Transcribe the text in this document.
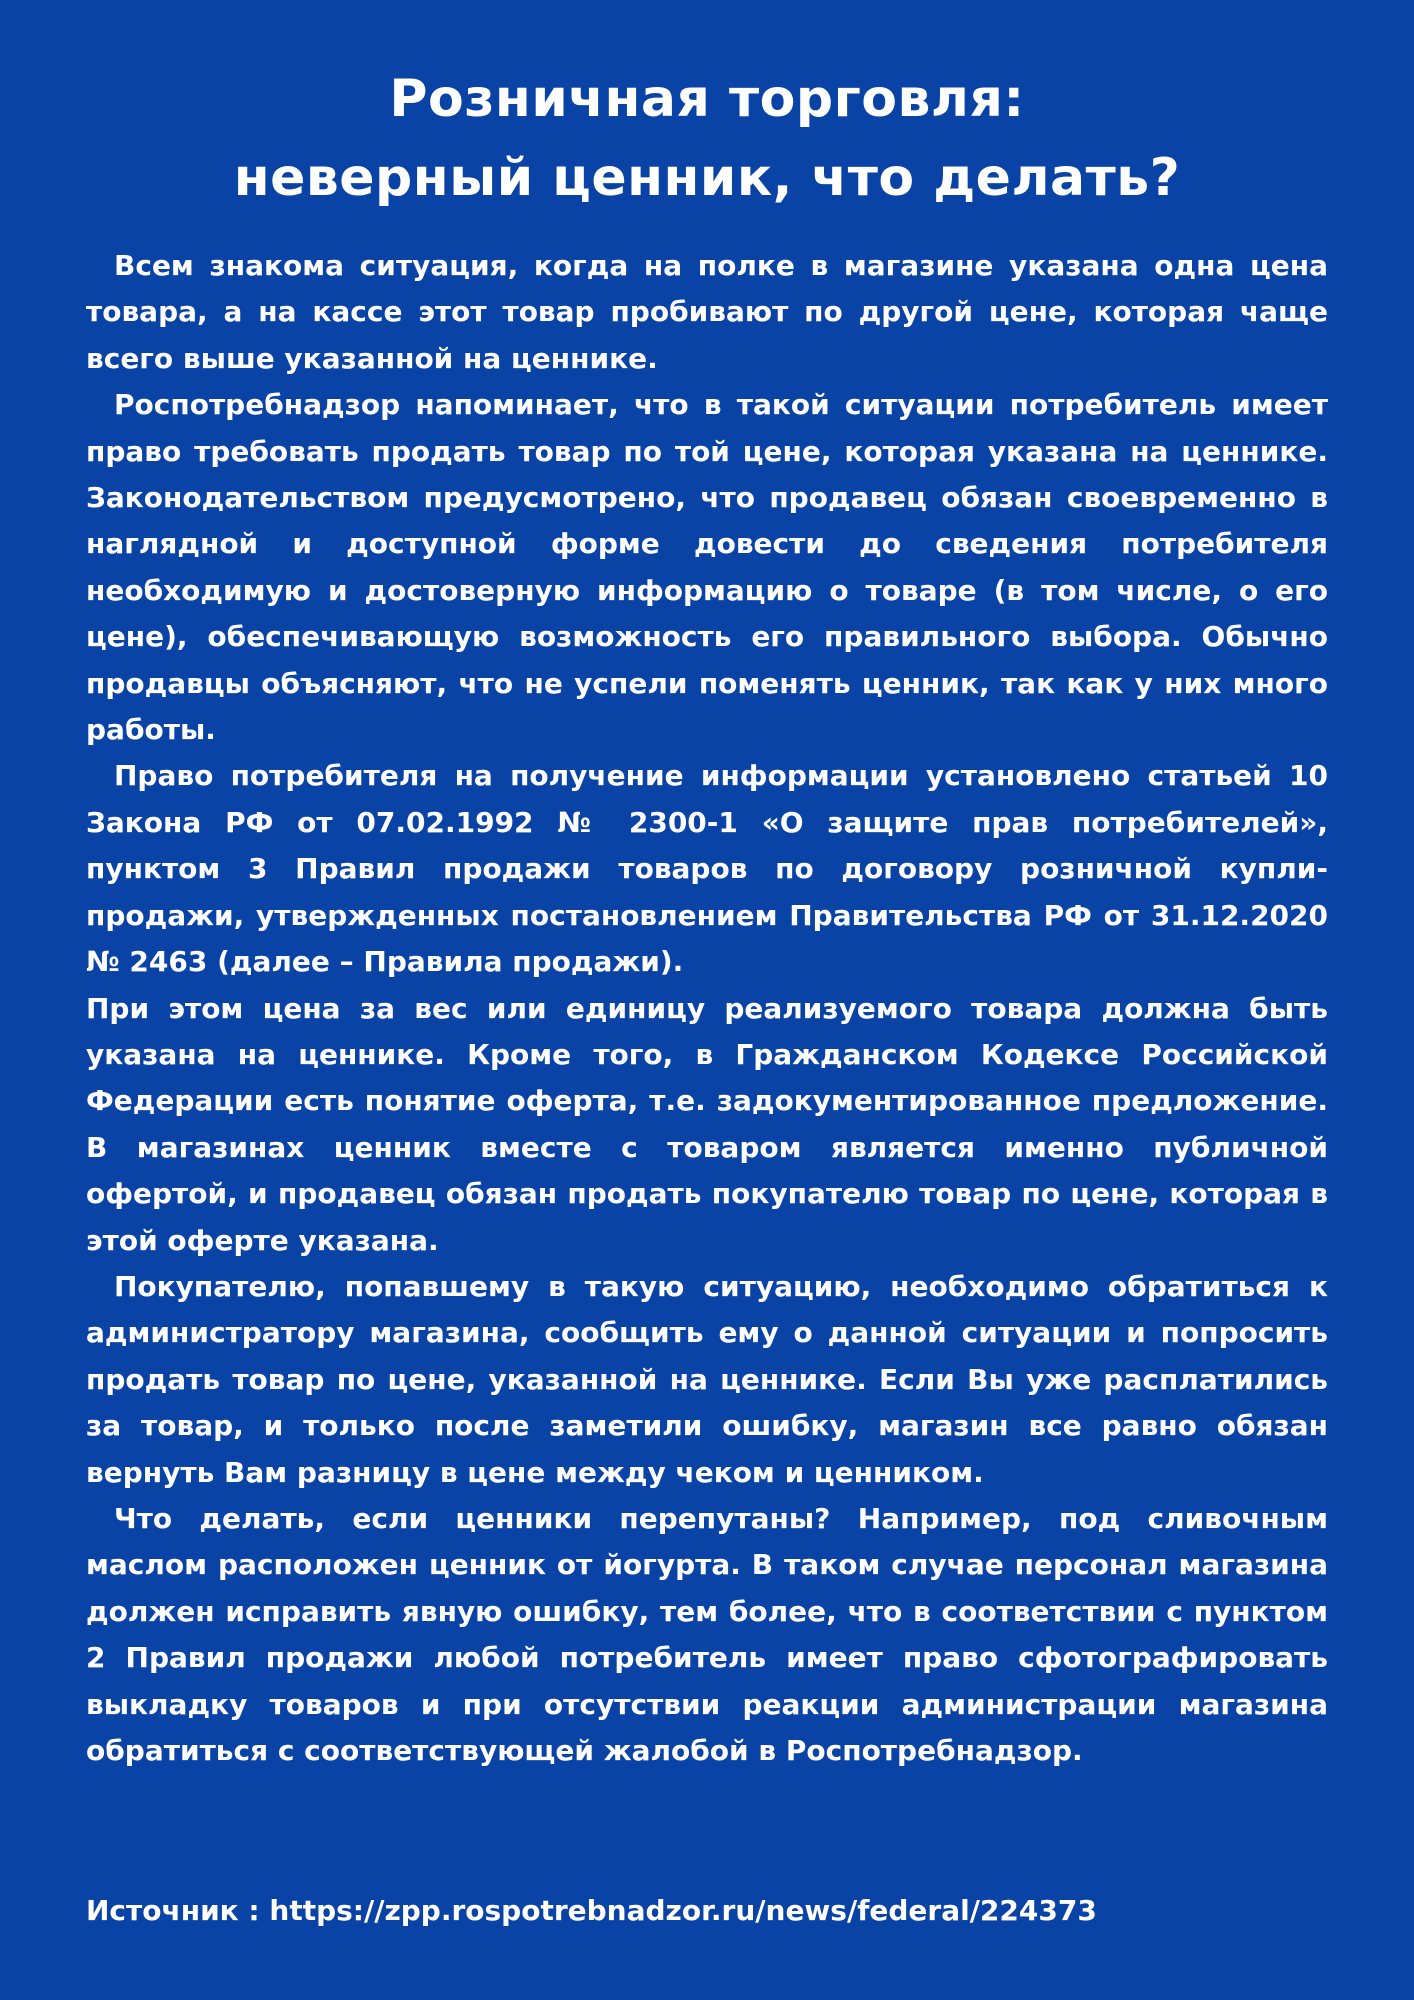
Розничная торговля:
неверный ценник, что делать?

Всем знакома ситуация, когда на полке в магазине указана одна цена товара, а на кассе этот товар пробивают по другой цене, которая чаще всего выше указанной на ценнике.

Роспотребнадзор напоминает, что в такой ситуации потребитель имеет право требовать продать товар по той цене, которая указана на ценнике. Законодательством предусмотрено, что продавец обязан своевременно в наглядной и доступной форме довести до сведения потребителя необходимую и достоверную информацию о товаре (в том числе, о его цене), обеспечивающую возможность его правильного выбора. Обычно продавцы объясняют, что не успели поменять ценник, так как у них много работы.

Право потребителя на получение информации установлено статьей 10 Закона РФ от 07.02.1992 № 2300-1 «О защите прав потребителей», пунктом 3 Правил продажи товаров по договору розничной купли-продажи, утвержденных постановлением Правительства РФ от 31.12.2020 № 2463 (далее – Правила продажи).

При этом цена за вес или единицу реализуемого товара должна быть указана на ценнике. Кроме того, в Гражданском Кодексе Российской Федерации есть понятие оферта, т.е. задокументированное предложение. В магазинах ценник вместе с товаром является именно публичной офертой, и продавец обязан продать покупателю товар по цене, которая в этой оферте указана.

Покупателю, попавшему в такую ситуацию, необходимо обратиться к администратору магазина, сообщить ему о данной ситуации и попросить продать товар по цене, указанной на ценнике. Если Вы уже расплатились за товар, и только после заметили ошибку, магазин все равно обязан вернуть Вам разницу в цене между чеком и ценником.

Что делать, если ценники перепутаны? Например, под сливочным маслом расположен ценник от йогурта. В таком случае персонал магазина должен исправить явную ошибку, тем более, что в соответствии с пунктом 2 Правил продажи любой потребитель имеет право сфотографировать выкладку товаров и при отсутствии реакции администрации магазина обратиться с соответствующей жалобой в Роспотребнадзор.

Источник : https://zpp.rospotrebnadzor.ru/news/federal/224373
